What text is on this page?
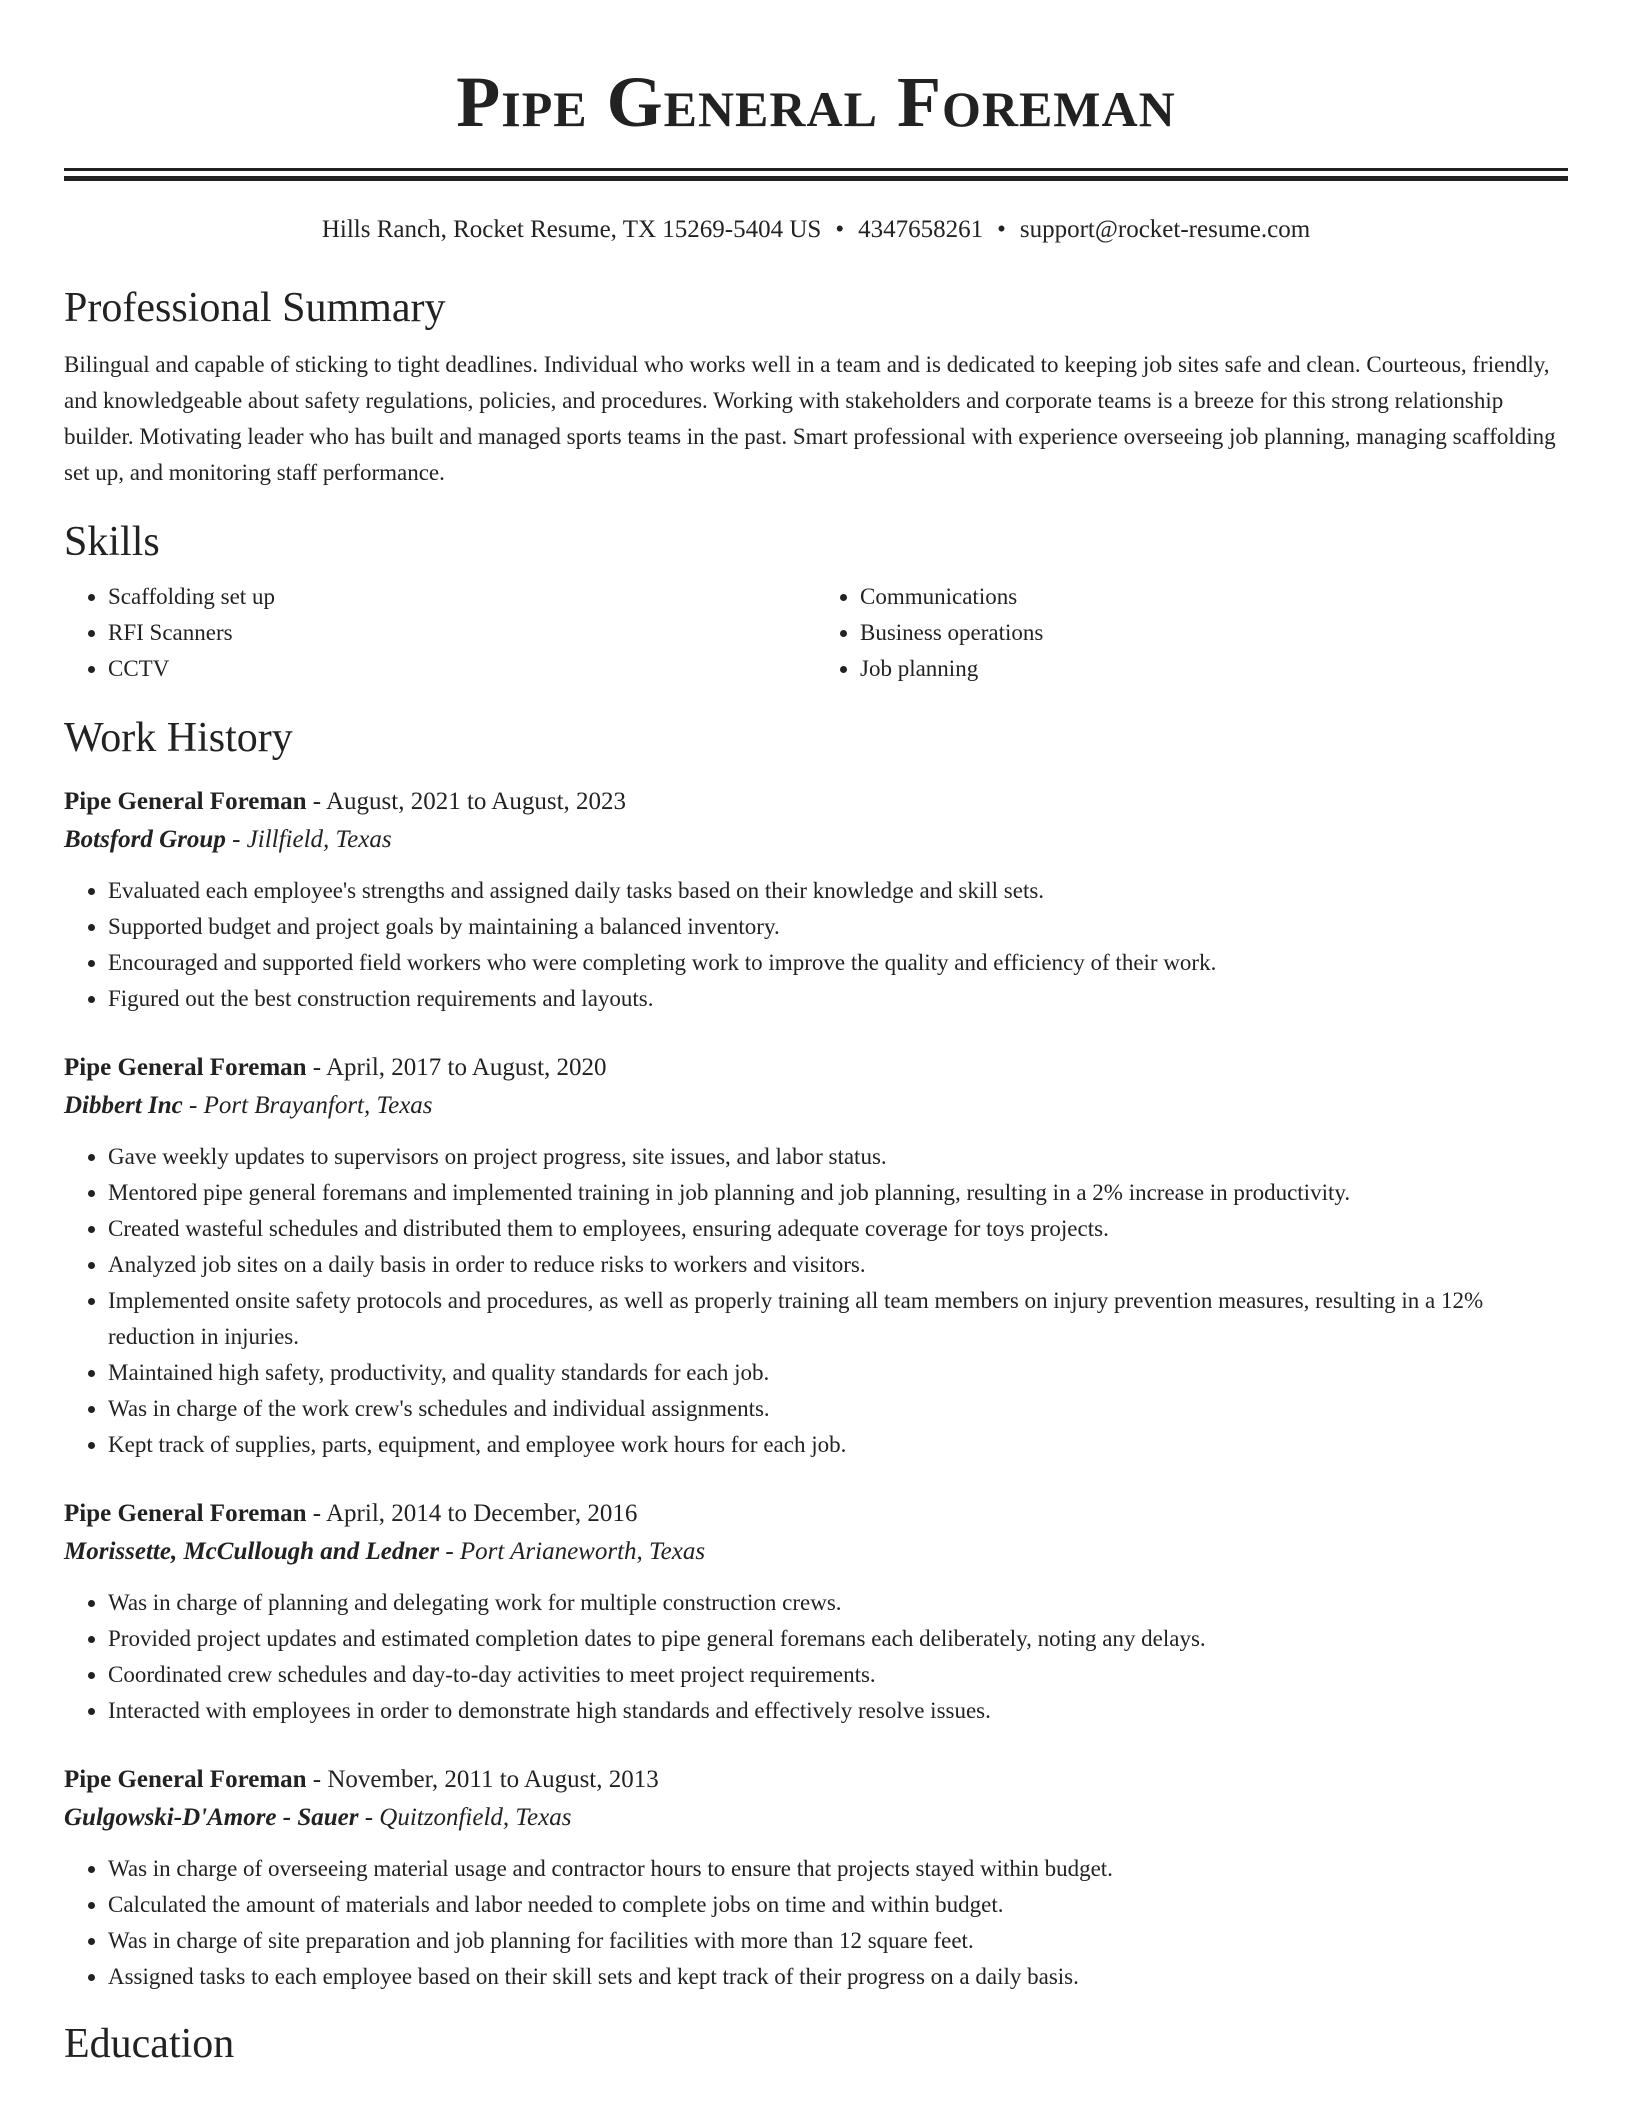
Pipe General Foreman
Hills Ranch, Rocket Resume, TX 15269-5404 US • 4347658261 • support@rocket-resume.com
Professional Summary
Bilingual and capable of sticking to tight deadlines. Individual who works well in a team and is dedicated to keeping job sites safe and clean. Courteous, friendly, and knowledgeable about safety regulations, policies, and procedures. Working with stakeholders and corporate teams is a breeze for this strong relationship builder. Motivating leader who has built and managed sports teams in the past. Smart professional with experience overseeing job planning, managing scaffolding set up, and monitoring staff performance.
Skills
• Scaffolding set up
• RFI Scanners
• CCTV
• Communications
• Business operations
• Job planning
Work History
Pipe General Foreman - August, 2021 to August, 2023
Botsford Group - Jillfield, Texas
• Evaluated each employee's strengths and assigned daily tasks based on their knowledge and skill sets.
• Supported budget and project goals by maintaining a balanced inventory.
• Encouraged and supported field workers who were completing work to improve the quality and efficiency of their work.
• Figured out the best construction requirements and layouts.
Pipe General Foreman - April, 2017 to August, 2020
Dibbert Inc - Port Brayanfort, Texas
• Gave weekly updates to supervisors on project progress, site issues, and labor status.
• Mentored pipe general foremans and implemented training in job planning and job planning, resulting in a 2% increase in productivity.
• Created wasteful schedules and distributed them to employees, ensuring adequate coverage for toys projects.
• Analyzed job sites on a daily basis in order to reduce risks to workers and visitors.
• Implemented onsite safety protocols and procedures, as well as properly training all team members on injury prevention measures, resulting in a 12% reduction in injuries.
• Maintained high safety, productivity, and quality standards for each job.
• Was in charge of the work crew's schedules and individual assignments.
• Kept track of supplies, parts, equipment, and employee work hours for each job.
Pipe General Foreman - April, 2014 to December, 2016
Morissette, McCullough and Ledner - Port Arianeworth, Texas
• Was in charge of planning and delegating work for multiple construction crews.
• Provided project updates and estimated completion dates to pipe general foremans each deliberately, noting any delays.
• Coordinated crew schedules and day-to-day activities to meet project requirements.
• Interacted with employees in order to demonstrate high standards and effectively resolve issues.
Pipe General Foreman - November, 2011 to August, 2013
Gulgowski-D'Amore - Sauer - Quitzonfield, Texas
• Was in charge of overseeing material usage and contractor hours to ensure that projects stayed within budget.
• Calculated the amount of materials and labor needed to complete jobs on time and within budget.
• Was in charge of site preparation and job planning for facilities with more than 12 square feet.
• Assigned tasks to each employee based on their skill sets and kept track of their progress on a daily basis.
Education
